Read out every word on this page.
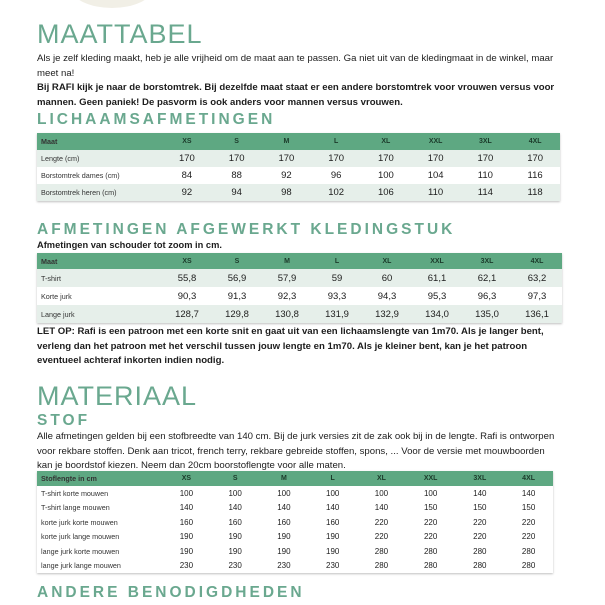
MAATTABEL
Als je zelf kleding maakt, heb je alle vrijheid om de maat aan te passen. Ga niet uit van de kledingmaat in de winkel, maar meet na!
Bij RAFI kijk je naar de borstomtrek. Bij dezelfde maat staat er een andere borstomtrek voor vrouwen versus voor mannen. Geen paniek! De pasvorm is ook anders voor mannen versus vrouwen.
LICHAAMSAFMETINGEN
Maat	XS	S	M	L	XL	XXL	3XL	4XL
Lengte (cm)	170	170	170	170	170	170	170	170
Borstomtrek dames (cm)	84	88	92	96	100	104	110	116
Borstomtrek heren (cm)	92	94	98	102	106	110	114	118
AFMETINGEN AFGEWERKT KLEDINGSTUK
Afmetingen van schouder tot zoom in cm.
Maat	XS	S	M	L	XL	XXL	3XL	4XL
T-shirt	55,8	56,9	57,9	59	60	61,1	62,1	63,2
Korte jurk	90,3	91,3	92,3	93,3	94,3	95,3	96,3	97,3
Lange jurk	128,7	129,8	130,8	131,9	132,9	134,0	135,0	136,1
LET OP: Rafi is een patroon met een korte snit en gaat uit van een lichaamslengte van 1m70. Als je langer bent, verleng dan het patroon met het verschil tussen jouw lengte en 1m70. Als je kleiner bent, kan je het patroon eventueel achteraf inkorten indien nodig.
MATERIAAL
STOF
Alle afmetingen gelden bij een stofbreedte van 140 cm. Bij de jurk versies zit de zak ook bij in de lengte. Rafi is ontworpen voor rekbare stoffen. Denk aan tricot, french terry, rekbare gebreide stoffen, spons, ... Voor de versie met mouwboorden kan je boordstof kiezen. Neem dan 20cm boorstoflengte voor alle maten.
Stoflengte in cm	XS	S	M	L	XL	XXL	3XL	4XL
T-shirt korte mouwen	100	100	100	100	100	100	140	140
T-shirt lange mouwen	140	140	140	140	140	150	150	150
korte jurk korte mouwen	160	160	160	160	220	220	220	220
korte jurk lange mouwen	190	190	190	190	220	220	220	220
lange jurk korte mouwen	190	190	190	190	280	280	280	280
lange jurk lange mouwen	230	230	230	230	280	280	280	280
ANDERE BENODIGDHEDEN
